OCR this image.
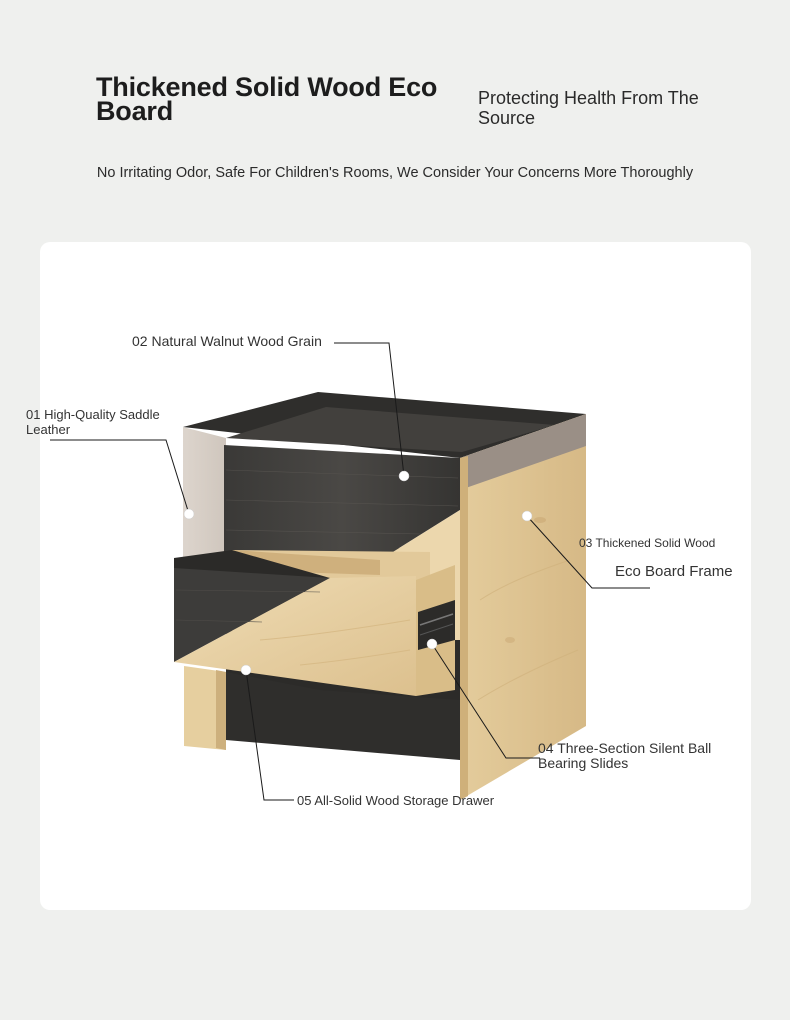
Thickened Solid Wood Eco Board	Protecting Health From The Source
No Irritating Odor, Safe For Children's Rooms, We Consider Your Concerns More Thoroughly
02 Natural Walnut Wood Grain
01 High-Quality Saddle Leather
03 Thickened Solid Wood
Eco Board Frame
04 Three-Section Silent Ball Bearing Slides
05 All-Solid Wood Storage Drawer
